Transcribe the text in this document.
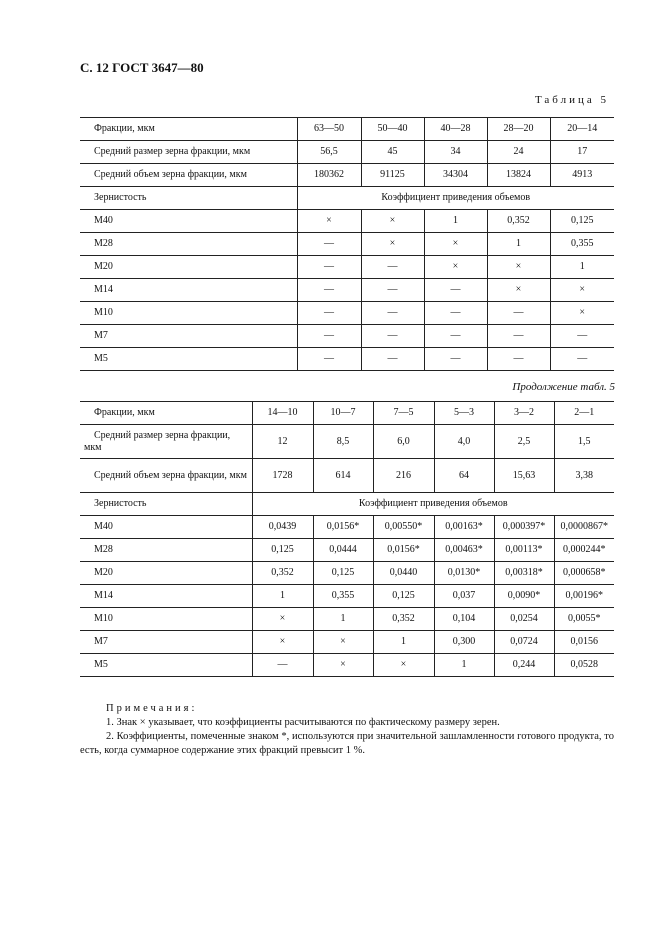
С. 12 ГОСТ 3647—80
Таблица 5
Фракции, мкм	63—50	50—40	40—28	28—20	20—14
Средний размер зерна фракции, мкм	56,5	45	34	24	17
Средний объем зерна фракции, мкм	180362	91125	34304	13824	4913
Зернистость	Коэффициент приведения объемов				
М40	×	×	1	0,352	0,125
М28	—	×	×	1	0,355
М20	—	—	×	×	1
М14	—	—	—	×	×
М10	—	—	—	—	×
М7	—	—	—	—	—
М5	—	—	—	—	—
Продолжение табл. 5
Фракции, мкм	14—10	10—7	7—5	5—3	3—2	2—1
Средний размер зерна фракции, мкм	12	8,5	6,0	4,0	2,5	1,5
Средний объем зерна фракции, мкм	1728	614	216	64	15,63	3,38
Зернистость	Коэффициент приведения объемов					
М40	0,0439	0,0156*	0,00550*	0,00163*	0,000397*	0,0000867*
М28	0,125	0,0444	0,0156*	0,00463*	0,00113*	0,000244*
М20	0,352	0,125	0,0440	0,0130*	0,00318*	0,000658*
М14	1	0,355	0,125	0,037	0,0090*	0,00196*
М10	×	1	0,352	0,104	0,0254	0,0055*
М7	×	×	1	0,300	0,0724	0,0156
М5	—	×	×	1	0,244	0,0528
Примечания:

1. Знак × указывает, что коэффициенты расчитываются по фактическому размеру зерен.

2. Коэффициенты, помеченные знаком *, используются при значительной зашламленности готового продукта, то есть, когда суммарное содержание этих фракций превысит 1 %.
